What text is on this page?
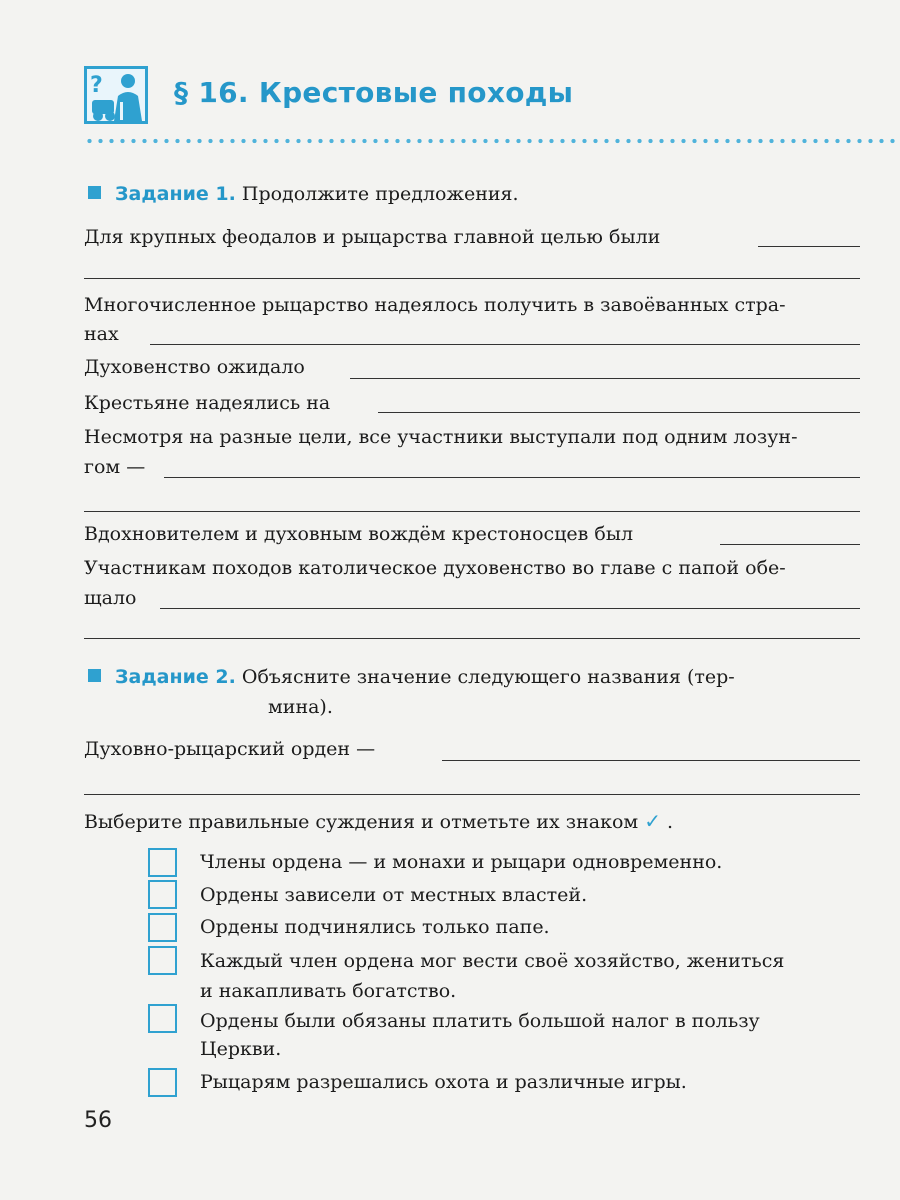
?	§ 16. Крестовые походы
Задание 1. Продолжите предложения.
Для крупных феодалов и рыцарства главной целью были
Многочисленное рыцарство надеялось получить в завоёванных стра-
нах
Духовенство ожидало
Крестьяне надеялись на
Несмотря на разные цели, все участники выступали под одним лозун-
гом —
Вдохновителем и духовным вождём крестоносцев был
Участникам походов католическое духовенство во главе с папой обе-
щало
Задание 2. Объясните значение следующего названия (тер-
мина).
Духовно-рыцарский орден —
Выберите правильные суждения и отметьте их знаком ✓ .
Члены ордена — и монахи и рыцари одновременно.
Ордены зависели от местных властей.
Ордены подчинялись только папе.
Каждый член ордена мог вести своё хозяйство, жениться
и накапливать богатство.
Ордены были обязаны платить большой налог в пользу
Церкви.
Рыцарям разрешались охота и различные игры.
56
